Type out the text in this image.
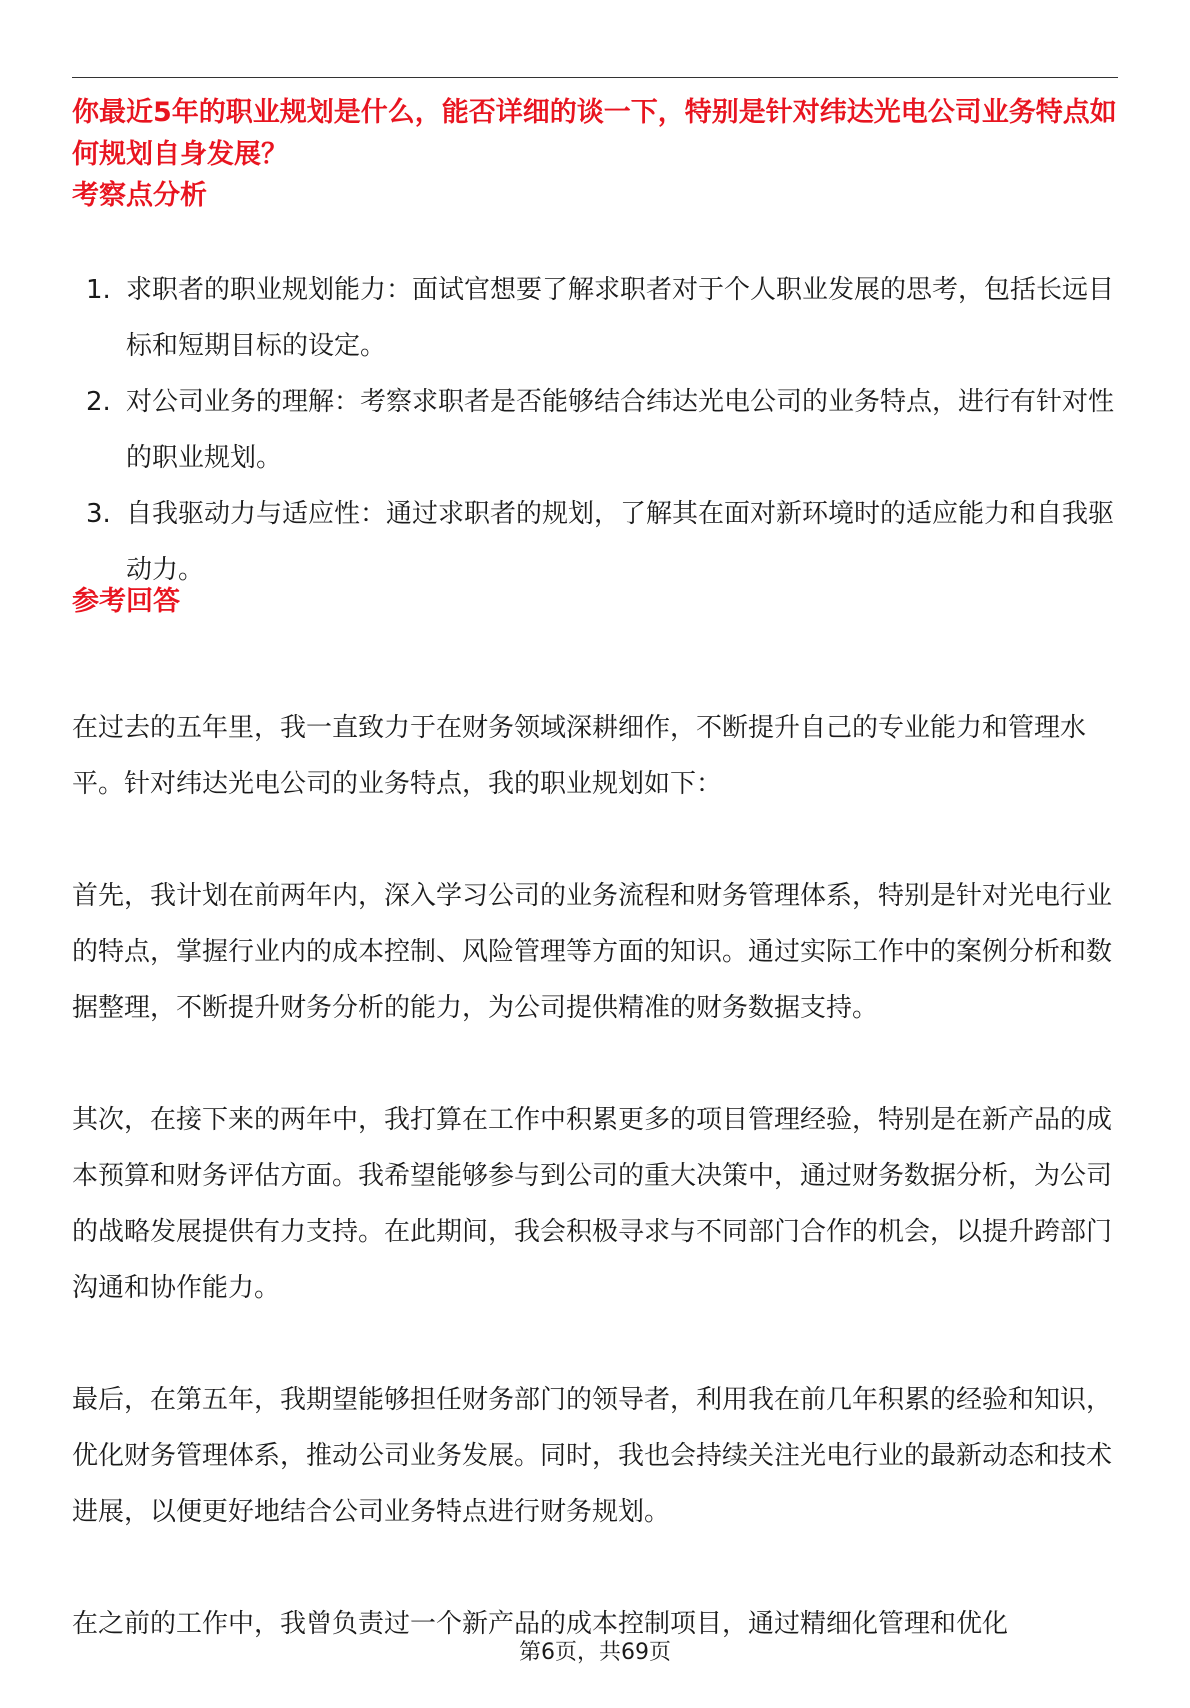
你最近5年的职业规划是什么，能否详细的谈一下，特别是针对纬达光电公司业务特点如何规划自身发展？
考察点分析
1. 求职者的职业规划能力：面试官想要了解求职者对于个人职业发展的思考，包括长远目标和短期目标的设定。
2. 对公司业务的理解：考察求职者是否能够结合纬达光电公司的业务特点，进行有针对性的职业规划。
3. 自我驱动力与适应性：通过求职者的规划，了解其在面对新环境时的适应能力和自我驱动力。
参考回答

在过去的五年里，我一直致力于在财务领域深耕细作，不断提升自己的专业能力和管理水平。针对纬达光电公司的业务特点，我的职业规划如下：

首先，我计划在前两年内，深入学习公司的业务流程和财务管理体系，特别是针对光电行业的特点，掌握行业内的成本控制、风险管理等方面的知识。通过实际工作中的案例分析和数据整理，不断提升财务分析的能力，为公司提供精准的财务数据支持。

其次，在接下来的两年中，我打算在工作中积累更多的项目管理经验，特别是在新产品的成本预算和财务评估方面。我希望能够参与到公司的重大决策中，通过财务数据分析，为公司的战略发展提供有力支持。在此期间，我会积极寻求与不同部门合作的机会，以提升跨部门沟通和协作能力。

最后，在第五年，我期望能够担任财务部门的领导者，利用我在前几年积累的经验和知识，优化财务管理体系，推动公司业务发展。同时，我也会持续关注光电行业的最新动态和技术进展，以便更好地结合公司业务特点进行财务规划。

在之前的工作中，我曾负责过一个新产品的成本控制项目，通过精细化管理和优化

第6页，共69页
